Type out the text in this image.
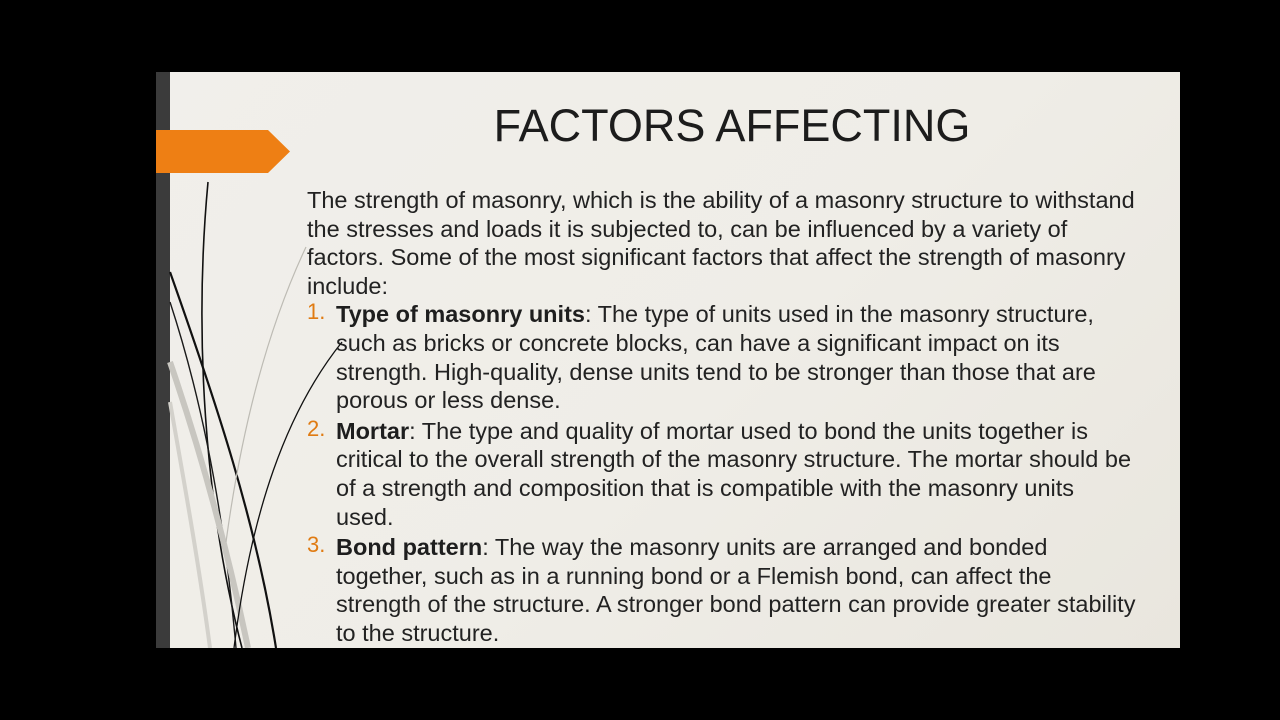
FACTORS AFFECTING

The strength of masonry, which is the ability of a masonry structure to withstand the stresses and loads it is subjected to, can be influenced by a variety of factors. Some of the most significant factors that affect the strength of masonry include:

1. Type of masonry units: The type of units used in the masonry structure, such as bricks or concrete blocks, can have a significant impact on its strength. High-quality, dense units tend to be stronger than those that are porous or less dense.
2. Mortar: The type and quality of mortar used to bond the units together is critical to the overall strength of the masonry structure. The mortar should be of a strength and composition that is compatible with the masonry units used.
3. Bond pattern: The way the masonry units are arranged and bonded together, such as in a running bond or a Flemish bond, can affect the strength of the structure. A stronger bond pattern can provide greater stability to the structure.
